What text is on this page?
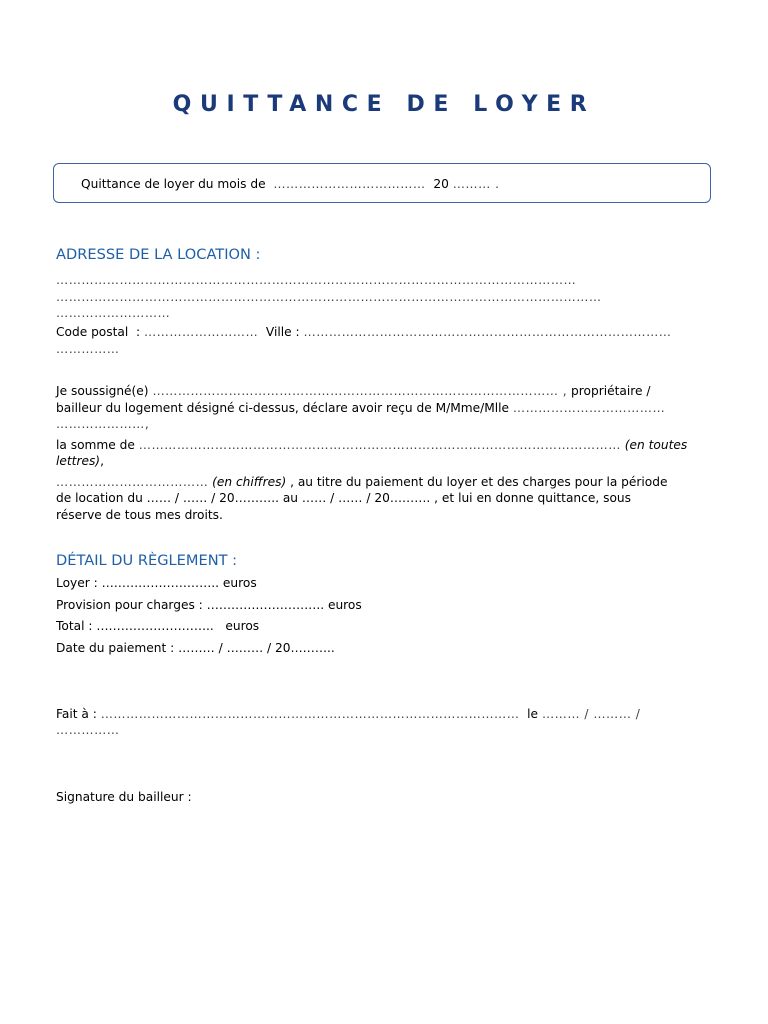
QUITTANCE DE LOYER
Quittance de loyer du mois de ……………………………… 20 ……… .
ADRESSE DE LA LOCATION :
……………………………………………………………………………………………………………
…………………………………………………………………………………………………………………
………………………
Code postal  : ……………………… Ville : ……………………………………………………………………………
……………
Je soussigné(e) …………………………………………………………………………………… , propriétaire /
bailleur du logement désigné ci-dessus, déclare avoir reçu de M/Mme/Mlle ………………………………
…………………,
la somme de …………………………………………………………………………………………………… (en toutes
lettres),
……………………………… (en chiffres) , au titre du paiement du loyer et des charges pour la période
de location du …… / …… / 20……….. au …… / …… / 20………. , et lui en donne quittance, sous
réserve de tous mes droits.
DÉTAIL DU RÈGLEMENT :
Loyer : ……………………….. euros
Provision pour charges : ……………………….. euros
Total : ………………………..   euros
Date du paiement : ……… / ……… / 20………..
Fait à : ………………………………………………………………………………………  le ……… / ……… /
……………
Signature du bailleur :
